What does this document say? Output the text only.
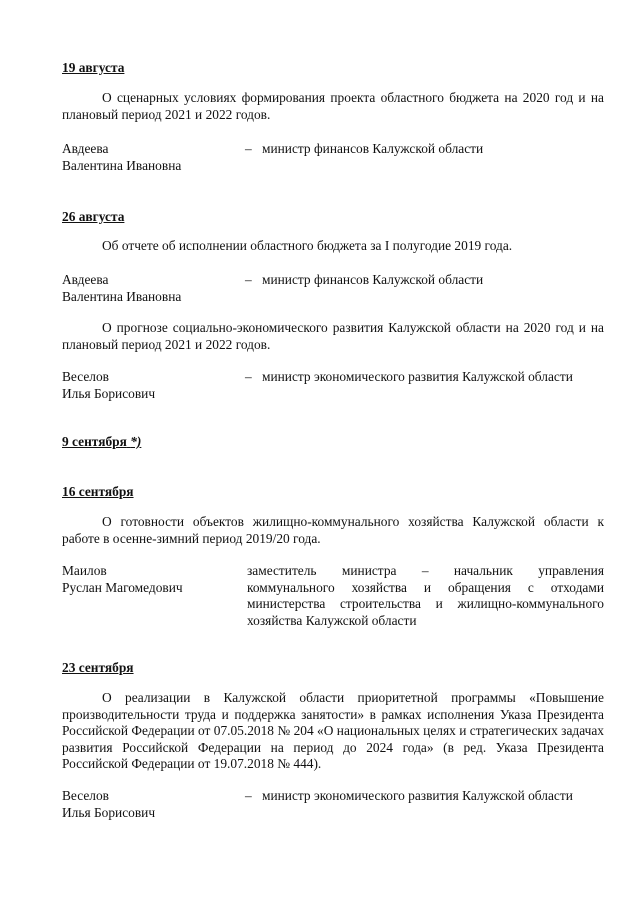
19 августа
О сценарных условиях формирования проекта областного бюджета на 2020 год и на плановый период 2021 и 2022 годов.
Авдеева
Валентина Ивановна
– министр финансов Калужской области
26 августа
Об отчете об исполнении областного бюджета за I полугодие 2019 года.
Авдеева
Валентина Ивановна
– министр финансов Калужской области
О прогнозе социально-экономического развития Калужской области на 2020 год и на плановый период 2021 и 2022 годов.
Веселов
Илья Борисович
– министр экономического развития Калужской области
9 сентября *)
16 сентября
О готовности объектов жилищно-коммунального хозяйства Калужской области к работе в осенне-зимний период 2019/20 года.
Маилов
Руслан Магомедович
заместитель министра – начальник управления коммунального хозяйства и обращения с отходами министерства строительства и жилищно-коммунального хозяйства Калужской области
23 сентября
О реализации в Калужской области приоритетной программы «Повышение производительности труда и поддержка занятости» в рамках исполнения Указа Президента Российской Федерации от 07.05.2018 № 204 «О национальных целях и стратегических задачах развития Российской Федерации на период до 2024 года» (в ред. Указа Президента Российской Федерации от 19.07.2018 № 444).
Веселов
Илья Борисович
– министр экономического развития Калужской области
